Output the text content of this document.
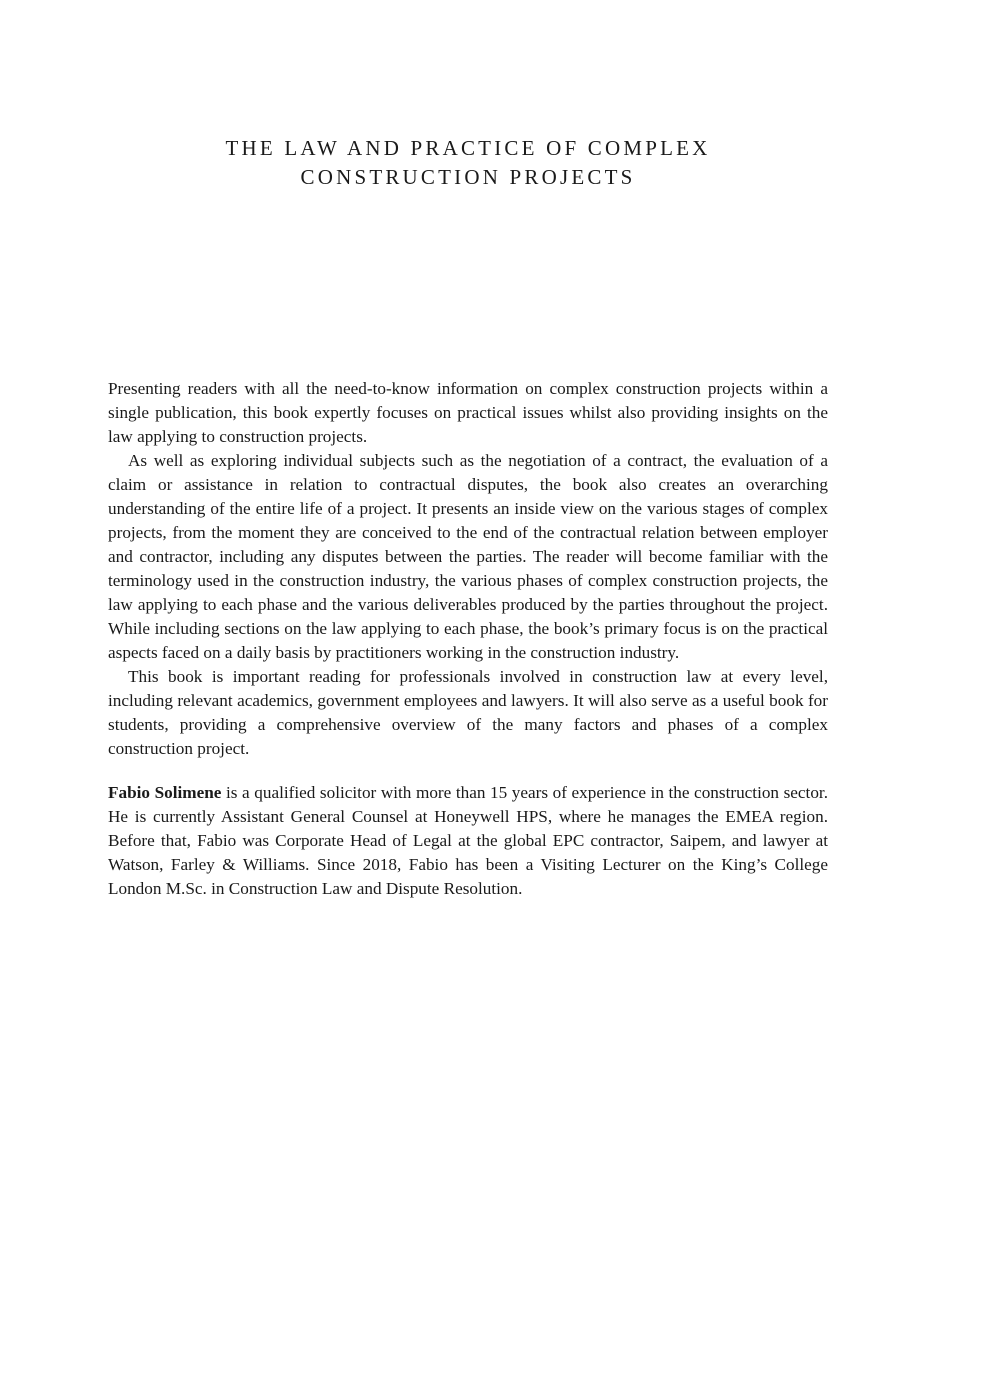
THE LAW AND PRACTICE OF COMPLEX
CONSTRUCTION PROJECTS

Presenting readers with all the need-to-know information on complex construction projects within a single publication, this book expertly focuses on practical issues whilst also providing insights on the law applying to construction projects.

As well as exploring individual subjects such as the negotiation of a contract, the evaluation of a claim or assistance in relation to contractual disputes, the book also creates an overarching understanding of the entire life of a project. It presents an inside view on the various stages of complex projects, from the moment they are conceived to the end of the contractual relation between employer and contractor, including any disputes between the parties. The reader will become familiar with the terminology used in the construction industry, the various phases of complex construction projects, the law applying to each phase and the various deliverables produced by the parties throughout the project. While including sections on the law applying to each phase, the book’s primary focus is on the practical aspects faced on a daily basis by practitioners working in the construction industry.

This book is important reading for professionals involved in construction law at every level, including relevant academics, government employees and lawyers. It will also serve as a useful book for students, providing a comprehensive overview of the many factors and phases of a complex construction project.

Fabio Solimene is a qualified solicitor with more than 15 years of experience in the construction sector. He is currently Assistant General Counsel at Honeywell HPS, where he manages the EMEA region. Before that, Fabio was Corporate Head of Legal at the global EPC contractor, Saipem, and lawyer at Watson, Farley & Williams. Since 2018, Fabio has been a Visiting Lecturer on the King’s College London M.Sc. in Construction Law and Dispute Resolution.
